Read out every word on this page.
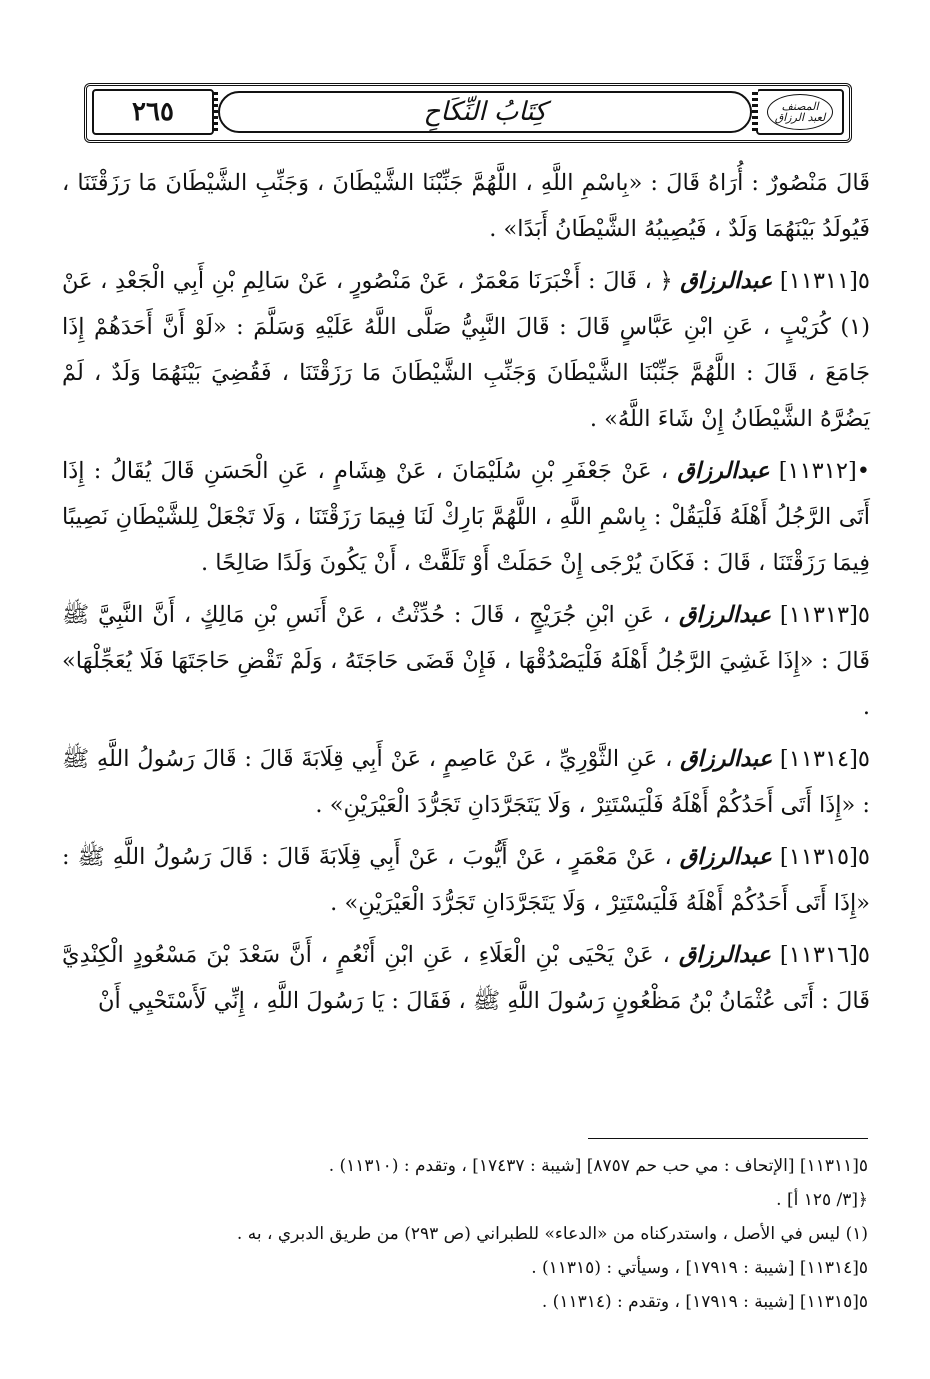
المصنف
لعبد الرزاق
كِتَابُ النِّكَاحِ
٢٦٥

قَالَ مَنْصُورٌ : أُرَاهُ قَالَ : «بِاسْمِ اللَّهِ ، اللَّهُمَّ جَنِّبْنَا الشَّيْطَانَ ، وَجَنِّبِ الشَّيْطَانَ مَا رَزَقْتَنَا ، فَيُولَدُ بَيْنَهُمَا وَلَدٌ ، فَيُصِيبُهُ الشَّيْطَانُ أَبَدًا» .

٥[١١٣١١] عبدالرزاق ﴿ ، قَالَ : أَخْبَرَنَا مَعْمَرٌ ، عَنْ مَنْصُورٍ ، عَنْ سَالِمِ بْنِ أَبِي الْجَعْدِ ، عَنْ (١) كُرَيْبٍ ، عَنِ ابْنِ عَبَّاسٍ قَالَ : قَالَ النَّبِيُّ صَلَّى اللَّهُ عَلَيْهِ وَسَلَّمَ : «لَوْ أَنَّ أَحَدَهُمْ إِذَا جَامَعَ ، قَالَ : اللَّهُمَّ جَنِّبْنَا الشَّيْطَانَ وَجَنِّبِ الشَّيْطَانَ مَا رَزَقْتَنَا ، فَقُضِيَ بَيْنَهُمَا وَلَدٌ ، لَمْ يَضُرَّهُ الشَّيْطَانُ إِنْ شَاءَ اللَّهُ» .

•[١١٣١٢] عبدالرزاق ، عَنْ جَعْفَرِ بْنِ سُلَيْمَانَ ، عَنْ هِشَامٍ ، عَنِ الْحَسَنِ قَالَ يُقَالُ : إِذَا أَتَى الرَّجُلُ أَهْلَهُ فَلْيَقُلْ : بِاسْمِ اللَّهِ ، اللَّهُمَّ بَارِكْ لَنَا فِيمَا رَزَقْتَنَا ، وَلَا تَجْعَلْ لِلشَّيْطَانِ نَصِيبًا فِيمَا رَزَقْتَنَا ، قَالَ : فَكَانَ يُرْجَى إِنْ حَمَلَتْ أَوْ تَلَقَّتْ ، أَنْ يَكُونَ وَلَدًا صَالِحًا .

٥[١١٣١٣] عبدالرزاق ، عَنِ ابْنِ جُرَيْجٍ ، قَالَ : حُدِّثْتُ ، عَنْ أَنَسِ بْنِ مَالِكٍ ، أَنَّ النَّبِيَّ ﷺ قَالَ : «إِذَا غَشِيَ الرَّجُلُ أَهْلَهُ فَلْيَصْدُقْهَا ، فَإِنْ قَضَى حَاجَتَهُ ، وَلَمْ تَقْضِ حَاجَتَهَا فَلَا يُعَجِّلْهَا» .

٥[١١٣١٤] عبدالرزاق ، عَنِ الثَّوْرِيِّ ، عَنْ عَاصِمٍ ، عَنْ أَبِي قِلَابَةَ قَالَ : قَالَ رَسُولُ اللَّهِ ﷺ : «إِذَا أَتَى أَحَدُكُمْ أَهْلَهُ فَلْيَسْتَتِرْ ، وَلَا يَتَجَرَّدَانِ تَجَرُّدَ الْعَيْرَيْنِ» .

٥[١١٣١٥] عبدالرزاق ، عَنْ مَعْمَرٍ ، عَنْ أَيُّوبَ ، عَنْ أَبِي قِلَابَةَ قَالَ : قَالَ رَسُولُ اللَّهِ ﷺ : «إِذَا أَتَى أَحَدُكُمْ أَهْلَهُ فَلْيَسْتَتِرْ ، وَلَا يَتَجَرَّدَانِ تَجَرُّدَ الْعَيْرَيْنِ» .

٥[١١٣١٦] عبدالرزاق ، عَنْ يَحْيَى بْنِ الْعَلَاءِ ، عَنِ ابْنِ أَنْعُمٍ ، أَنَّ سَعْدَ بْنَ مَسْعُودٍ الْكِنْدِيَّ قَالَ : أَتَى عُثْمَانُ بْنُ مَظْعُونٍ رَسُولَ اللَّهِ ﷺ ، فَقَالَ : يَا رَسُولَ اللَّهِ ، إِنِّي لَأَسْتَحْيِي أَنْ

٥[١١٣١١] [الإتحاف : مي حب حم ٨٧٥٧] [شيبة : ١٧٤٣٧] ، وتقدم : (١١٣١٠) .

﴿[٣/ ١٢٥ أ] .

(١) ليس في الأصل ، واستدركناه من «الدعاء» للطبراني (ص ٢٩٣) من طريق الدبري ، به .

٥[١١٣١٤] [شيبة : ١٧٩١٩] ، وسيأتي : (١١٣١٥) .

٥[١١٣١٥] [شيبة : ١٧٩١٩] ، وتقدم : (١١٣١٤) .
